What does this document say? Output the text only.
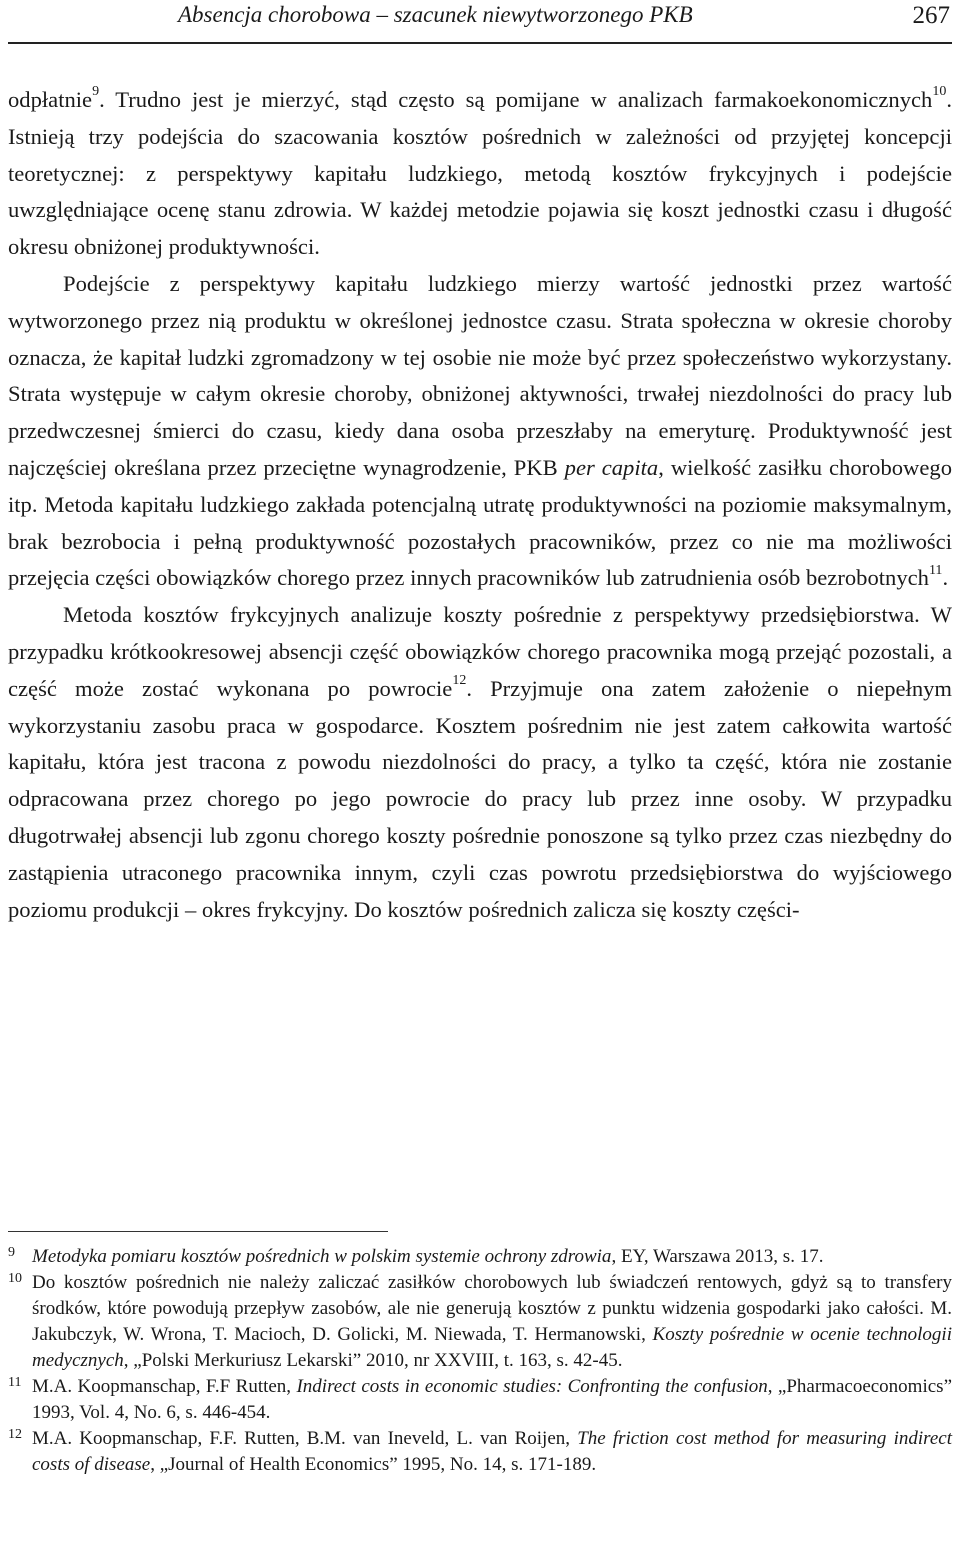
Absencja chorobowa – szacunek niewytworzonego PKB	267

odpłatnie$^9$. Trudno jest je mierzyć, stąd często są pomijane w analizach farmakoekonomicznych$^{10}$. Istnieją trzy podejścia do szacowania kosztów pośrednich w zależności od przyjętej koncepcji teoretycznej: z perspektywy kapitału ludzkiego, metodą kosztów frykcyjnych i podejście uwzględniające ocenę stanu zdrowia. W każdej metodzie pojawia się koszt jednostki czasu i długość okresu obniżonej produktywności.

Podejście z perspektywy kapitału ludzkiego mierzy wartość jednostki przez wartość wytworzonego przez nią produktu w określonej jednostce czasu. Strata społeczna w okresie choroby oznacza, że kapitał ludzki zgromadzony w tej osobie nie może być przez społeczeństwo wykorzystany. Strata występuje w całym okresie choroby, obniżonej aktywności, trwałej niezdolności do pracy lub przedwczesnej śmierci do czasu, kiedy dana osoba przeszłaby na emeryturę. Produktywność jest najczęściej określana przez przeciętne wynagrodzenie, PKB per capita, wielkość zasiłku chorobowego itp. Metoda kapitału ludzkiego zakłada potencjalną utratę produktywności na poziomie maksymalnym, brak bezrobocia i pełną produktywność pozostałych pracowników, przez co nie ma możliwości przejęcia części obowiązków chorego przez innych pracowników lub zatrudnienia osób bezrobotnych$^{11}$.

Metoda kosztów frykcyjnych analizuje koszty pośrednie z perspektywy przedsiębiorstwa. W przypadku krótkookresowej absencji część obowiązków chorego pracownika mogą przejąć pozostali, a część może zostać wykonana po powrocie$^{12}$. Przyjmuje ona zatem założenie o niepełnym wykorzystaniu zasobu praca w gospodarce. Kosztem pośrednim nie jest zatem całkowita wartość kapitału, która jest tracona z powodu niezdolności do pracy, a tylko ta część, która nie zostanie odpracowana przez chorego po jego powrocie do pracy lub przez inne osoby. W przypadku długotrwałej absencji lub zgonu chorego koszty pośrednie ponoszone są tylko przez czas niezbędny do zastąpienia utraconego pracownika innym, czyli czas powrotu przedsiębiorstwa do wyjściowego poziomu produkcji – okres frykcyjny. Do kosztów pośrednich zalicza się koszty części-

9 Metodyka pomiaru kosztów pośrednich w polskim systemie ochrony zdrowia, EY, Warszawa 2013, s. 17.

10 Do kosztów pośrednich nie należy zaliczać zasiłków chorobowych lub świadczeń rentowych, gdyż są to transfery środków, które powodują przepływ zasobów, ale nie generują kosztów z punktu widzenia gospodarki jako całości. M. Jakubczyk, W. Wrona, T. Macioch, D. Golicki, M. Niewada, T. Hermanowski, Koszty pośrednie w ocenie technologii medycznych, „Polski Merkuriusz Lekarski” 2010, nr XXVIII, t. 163, s. 42-45.

11 M.A. Koopmanschap, F.F Rutten, Indirect costs in economic studies: Confronting the confusion, „Pharmacoeconomics” 1993, Vol. 4, No. 6, s. 446-454.

12 M.A. Koopmanschap, F.F. Rutten, B.M. van Ineveld, L. van Roijen, The friction cost method for measuring indirect costs of disease, „Journal of Health Economics” 1995, No. 14, s. 171-189.
